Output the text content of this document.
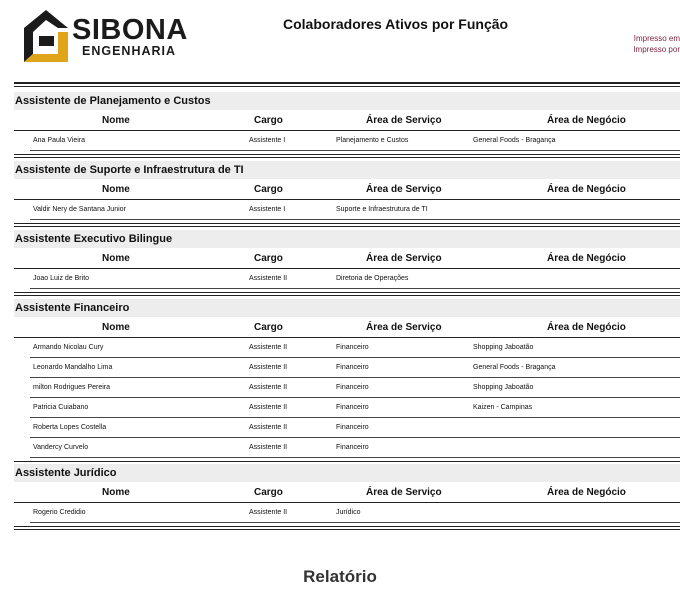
SIBONA
ENGENHARIA
Colaboradores Ativos por Função
Impresso em
Impresso por
Assistente de Planejamento e Custos
Nome	Cargo	Área de Serviço	Área de Negócio
Ana Paula Vieira	Assistente I	Planejamento e Custos	General Foods - Bragança
Assistente de Suporte e Infraestrutura de TI
Nome	Cargo	Área de Serviço	Área de Negócio
Valdir Nery de Santana Junior	Assistente I	Suporte e Infraestrutura de TI
Assistente Executivo Bilingue
Nome	Cargo	Área de Serviço	Área de Negócio
Joao Luiz de Brito	Assistente II	Diretoria de Operações
Assistente Financeiro
Nome	Cargo	Área de Serviço	Área de Negócio
Armando Nicolau Cury	Assistente II	Financeiro	Shopping Jaboatão
Leonardo Mandalho Lima	Assistente II	Financeiro	General Foods - Bragança
milton Rodrigues Pereira	Assistente II	Financeiro	Shopping Jaboatão
Patricia Cuiabano	Assistente II	Financeiro	Kaizen - Campinas
Roberta Lopes Costella	Assistente II	Financeiro
Vandercy Curvelo	Assistente II	Financeiro
Assistente Jurídico
Nome	Cargo	Área de Serviço	Área de Negócio
Rogerio Credidio	Assistente II	Jurídico
Relatório
